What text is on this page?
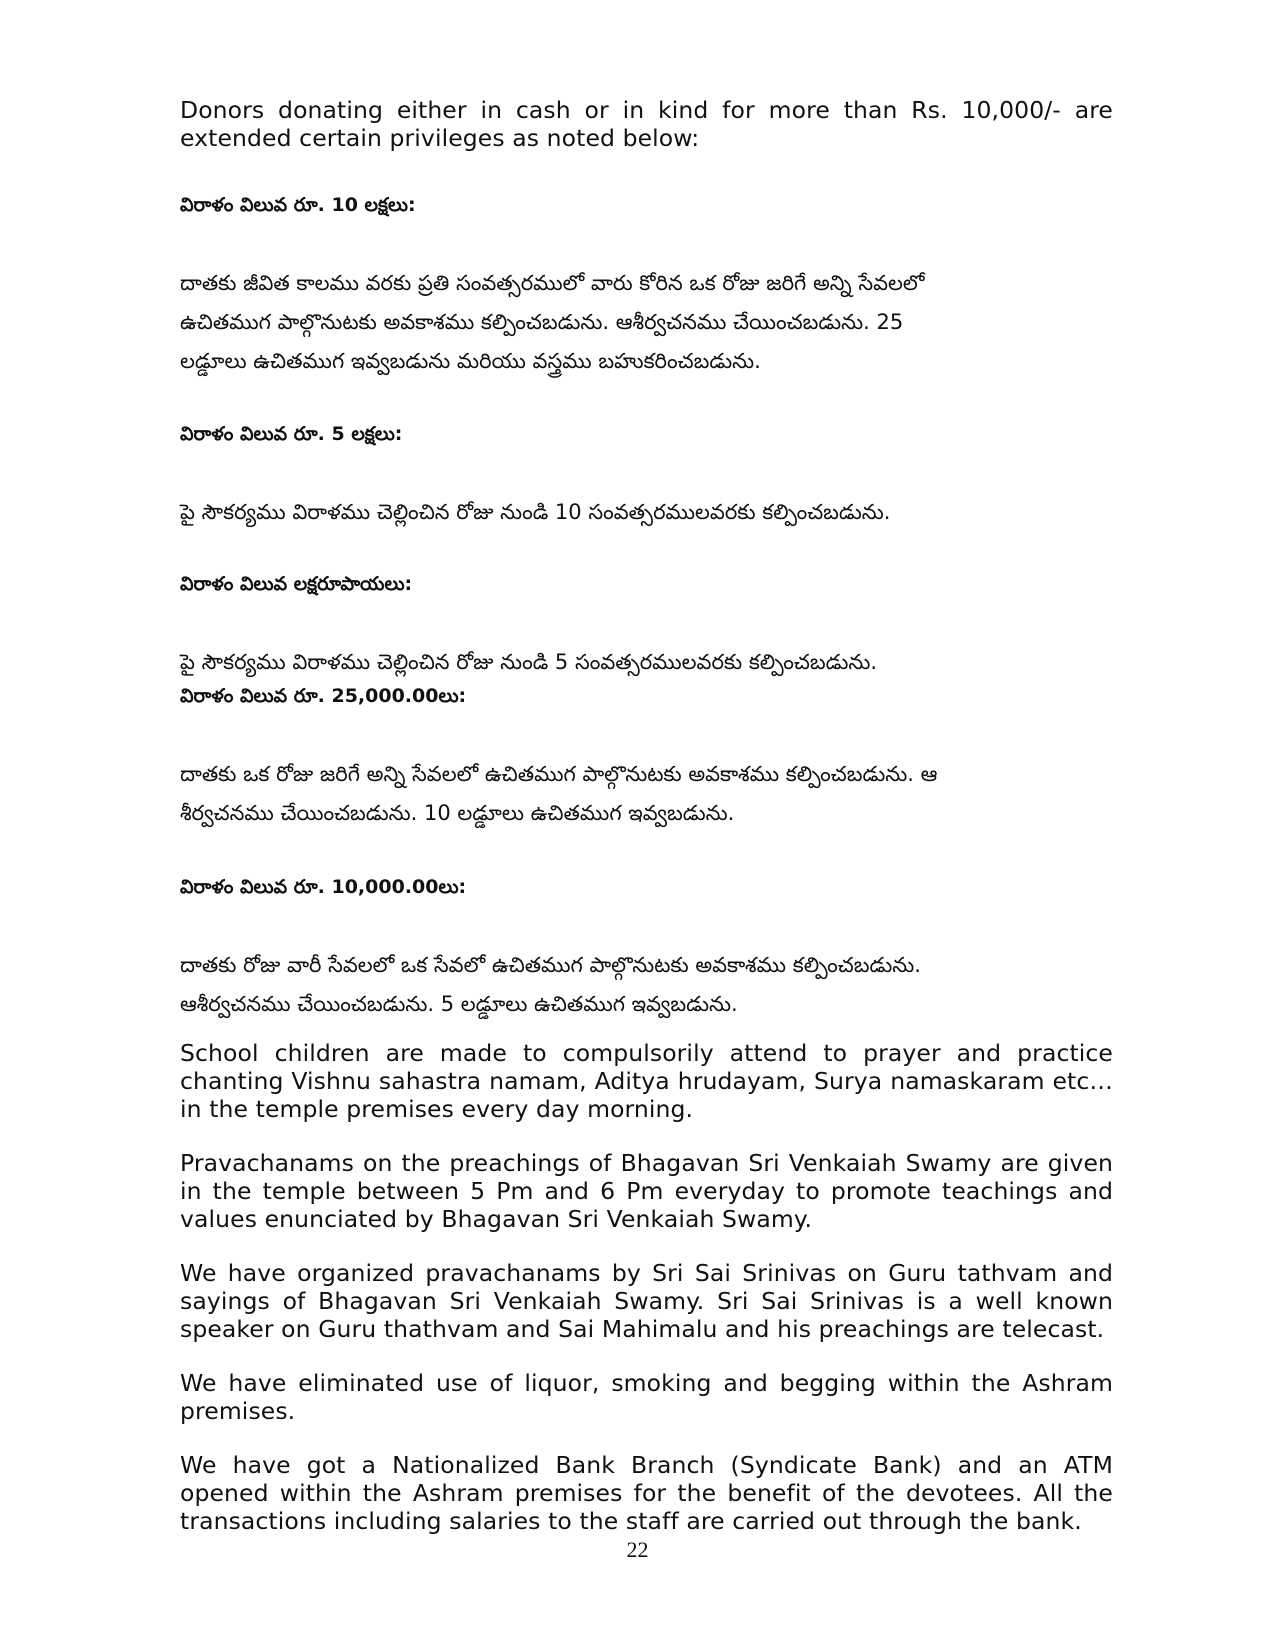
Donors donating either in cash or in kind for more than Rs. 10,000/- are extended certain privileges as noted below:

విరాళం విలువ రూ. 10 లక్షలు:

దాతకు జీవిత కాలము వరకు ప్రతి సంవత్సరములో వారు కోరిన ఒక రోజు జరిగే అన్ని సేవలలో

ఉచితముగ పాల్గొనుటకు అవకాశము కల్పించబడును. ఆశీర్వచనము చేయించబడును. 25

లడ్డూలు ఉచితముగ ఇవ్వబడును మరియు వస్త్రము బహుకరించబడును.

విరాళం విలువ రూ. 5 లక్షలు:

పై సౌకర్యము విరాళము చెల్లించిన రోజు నుండి 10 సంవత్సరములవరకు కల్పించబడును.

విరాళం విలువ లక్షరూపాయలు:

పై సౌకర్యము విరాళము చెల్లించిన రోజు నుండి 5 సంవత్సరములవరకు కల్పించబడును.

విరాళం విలువ రూ. 25,000.00లు:

దాతకు ఒక రోజు జరిగే అన్ని సేవలలో ఉచితముగ పాల్గొనుటకు అవకాశము కల్పించబడును. ఆ

శీర్వచనము చేయించబడును. 10 లడ్డూలు ఉచితముగ ఇవ్వబడును.

విరాళం విలువ రూ. 10,000.00లు:

దాతకు రోజు వారీ సేవలలో ఒక సేవలో ఉచితముగ పాల్గొనుటకు అవకాశము కల్పించబడును.

ఆశీర్వచనము చేయించబడును. 5 లడ్డూలు ఉచితముగ ఇవ్వబడును.

School children are made to compulsorily attend to prayer and practice chanting Vishnu sahastra namam, Aditya hrudayam, Surya namaskaram etc… in the temple premises every day morning.

Pravachanams on the preachings of Bhagavan Sri Venkaiah Swamy are given in the temple between 5 Pm and 6 Pm everyday to promote teachings and values enunciated by Bhagavan Sri Venkaiah Swamy.

We have organized pravachanams by Sri Sai Srinivas on Guru tathvam and sayings of Bhagavan Sri Venkaiah Swamy. Sri Sai Srinivas is a well known speaker on Guru thathvam and Sai Mahimalu and his preachings are telecast.

We have eliminated use of liquor, smoking and begging within the Ashram premises.

We have got a Nationalized Bank Branch (Syndicate Bank) and an ATM opened within the Ashram premises for the benefit of the devotees. All the transactions including salaries to the staff are carried out through the bank.

22
